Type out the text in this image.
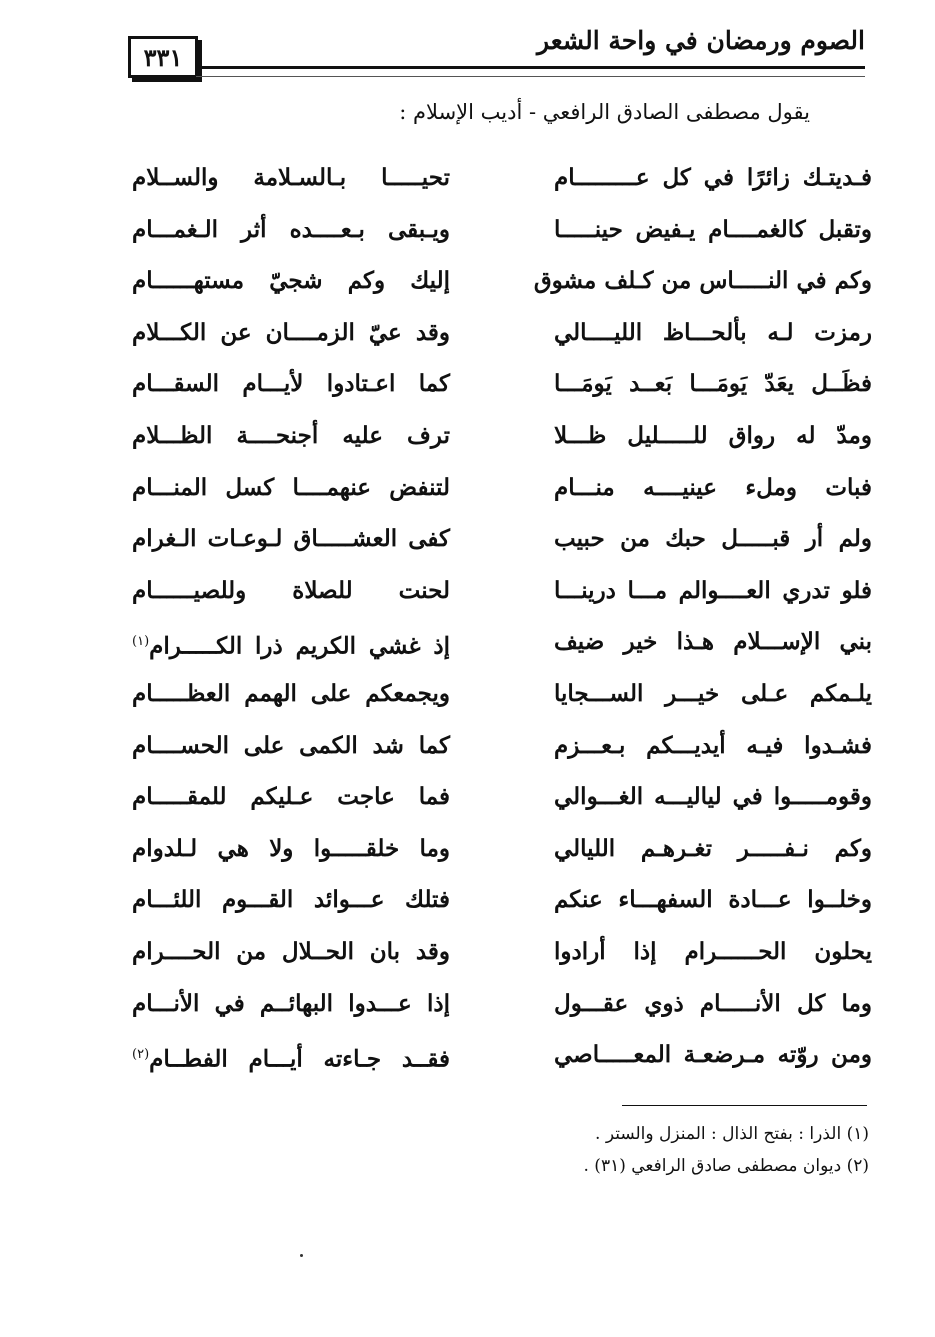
الصوم ورمضان في واحة الشعر
٣٣١
يقول مصطفى الصادق الرافعي - أديب الإسلام :
فـديتـك زائرًا في كل عـــــــــام
تحيـــــا بـالسـلامة والســلام
وتقبل كالغمــــام يـفيض حينـــــا
ويـبقى بـعــــده أثر الـغمـــام
وكم في النـــــاس من كـلف مشوق
إليك وكم شجيّ مستهــــــام
رمزت لـه بألحـــاظ الليــــالي
وقد عيّ الزمــــان عن الكـــلام
فظَــل يعَدّ يَومَـــا بَعــد يَومَـــا
كما اعـتادوا لأيـــام السقـــام
ومدّ له رواق للـــــليل ظـــلا
ترف عليه أجنحــــة الظـــلام
فبات وملء عينيــــه منـــام
لتنفض عنهمــــا كسل المنـــام
ولم أر قبـــــل حبك من حبيب
كفى العشـــــاق لـوعـات الـغرام
فلو تدري العــــوالم مـــا درينـــا
لحنت للصلاة وللصيــــــام
بني الإســـلام هـذا خير ضيف
إذ غشي الكريم ذرا الكـــــرام$^{(١)}$
يلـمكم عـلى خيـــر الســـجايا
ويجمعكم على الهمم العظـــــام
فشـدوا فيـه أيديـــكم بـعـــزم
كما شد الكمى على الحســــام
وقومـــــوا في لياليـــه الغـــوالي
فما عاجت عـليكم للمقـــــام
وكم نـفـــــر تغـرهـم الليالي
وما خلقـــــوا ولا هي لـلدوام
وخلــوا عـــادة السفهـــاء عنكم
فتلك عـــوائد القـــوم اللئـــام
يحلون الحــــــرام إذا أرادوا
وقد بان الحــلال من الحــــرام
وما كل الأنـــــام ذوي عقـــول
إذا عـــدوا البهائــم في الأنـــام
ومن روّته مـرضعـة المعـــــاصي
فقــد جـاءته أيـــام الفطــام$^{(٢)}$
(١) الذرا : بفتح الذال : المنزل والستر .
(٢) ديوان مصطفى صادق الرافعي (٣١) .
